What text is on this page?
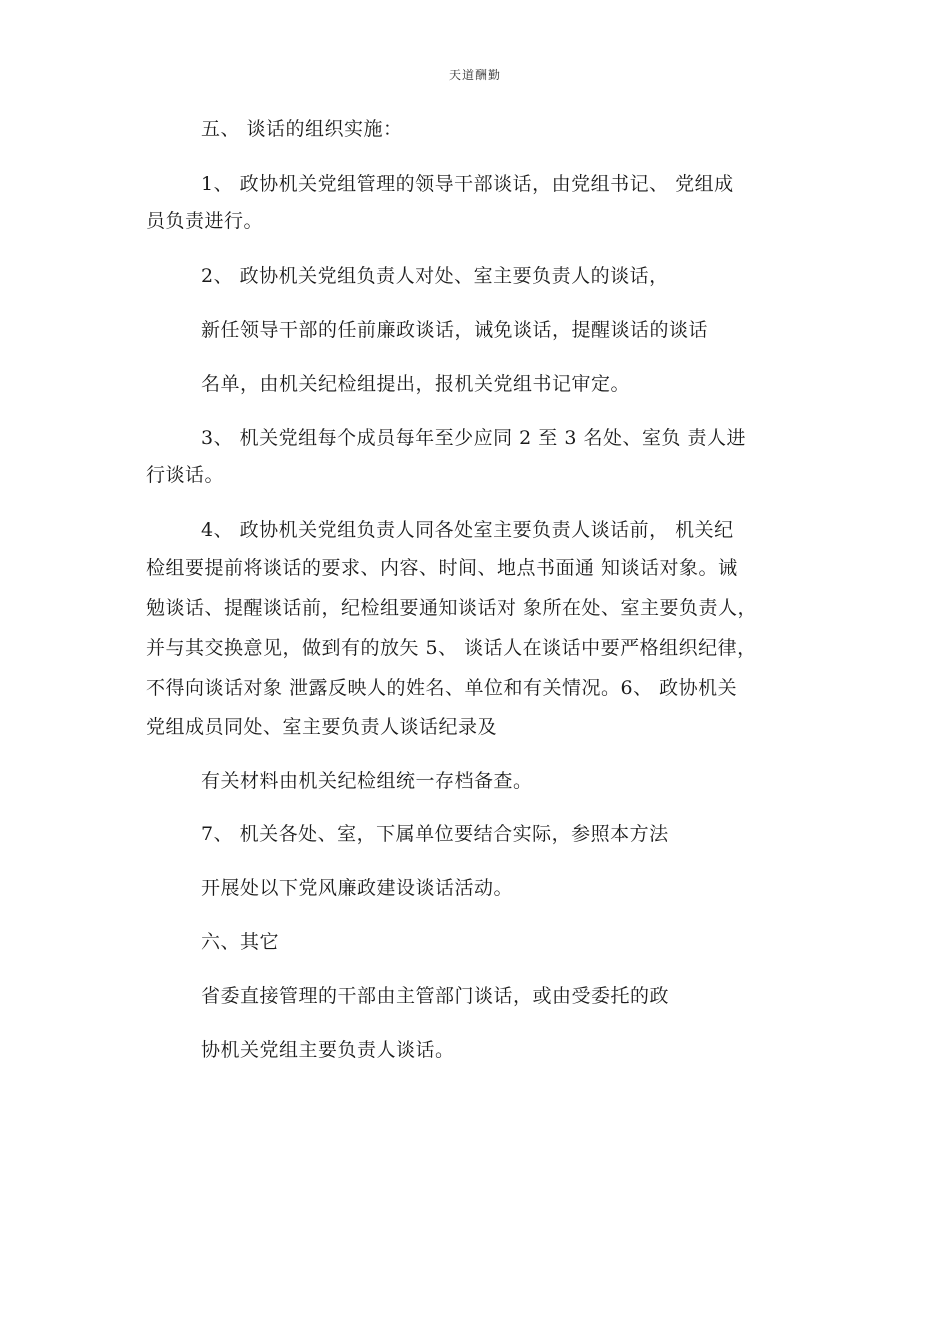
天道酬勤
五、 谈话的组织实施：
1、 政协机关党组管理的领导干部谈话，由党组书记、 党组成
员负责进行。
2、 政协机关党组负责人对处、室主要负责人的谈话，
新任领导干部的任前廉政谈话，诫免谈话，提醒谈话的谈话
名单，由机关纪检组提出，报机关党组书记审定。
3、 机关党组每个成员每年至少应同 2 至 3 名处、室负 责人进
行谈话。
4、 政协机关党组负责人同各处室主要负责人谈话前， 机关纪
检组要提前将谈话的要求、内容、时间、地点书面通 知谈话对象。诫
勉谈话、提醒谈话前，纪检组要通知谈话对 象所在处、室主要负责人，
并与其交换意见，做到有的放矢 5、 谈话人在谈话中要严格组织纪律，
不得向谈话对象 泄露反映人的姓名、单位和有关情况。6、 政协机关
党组成员同处、室主要负责人谈话纪录及
有关材料由机关纪检组统一存档备查。
7、 机关各处、室，下属单位要结合实际，参照本方法
开展处以下党风廉政建设谈话活动。
六、其它
省委直接管理的干部由主管部门谈话，或由受委托的政
协机关党组主要负责人谈话。
